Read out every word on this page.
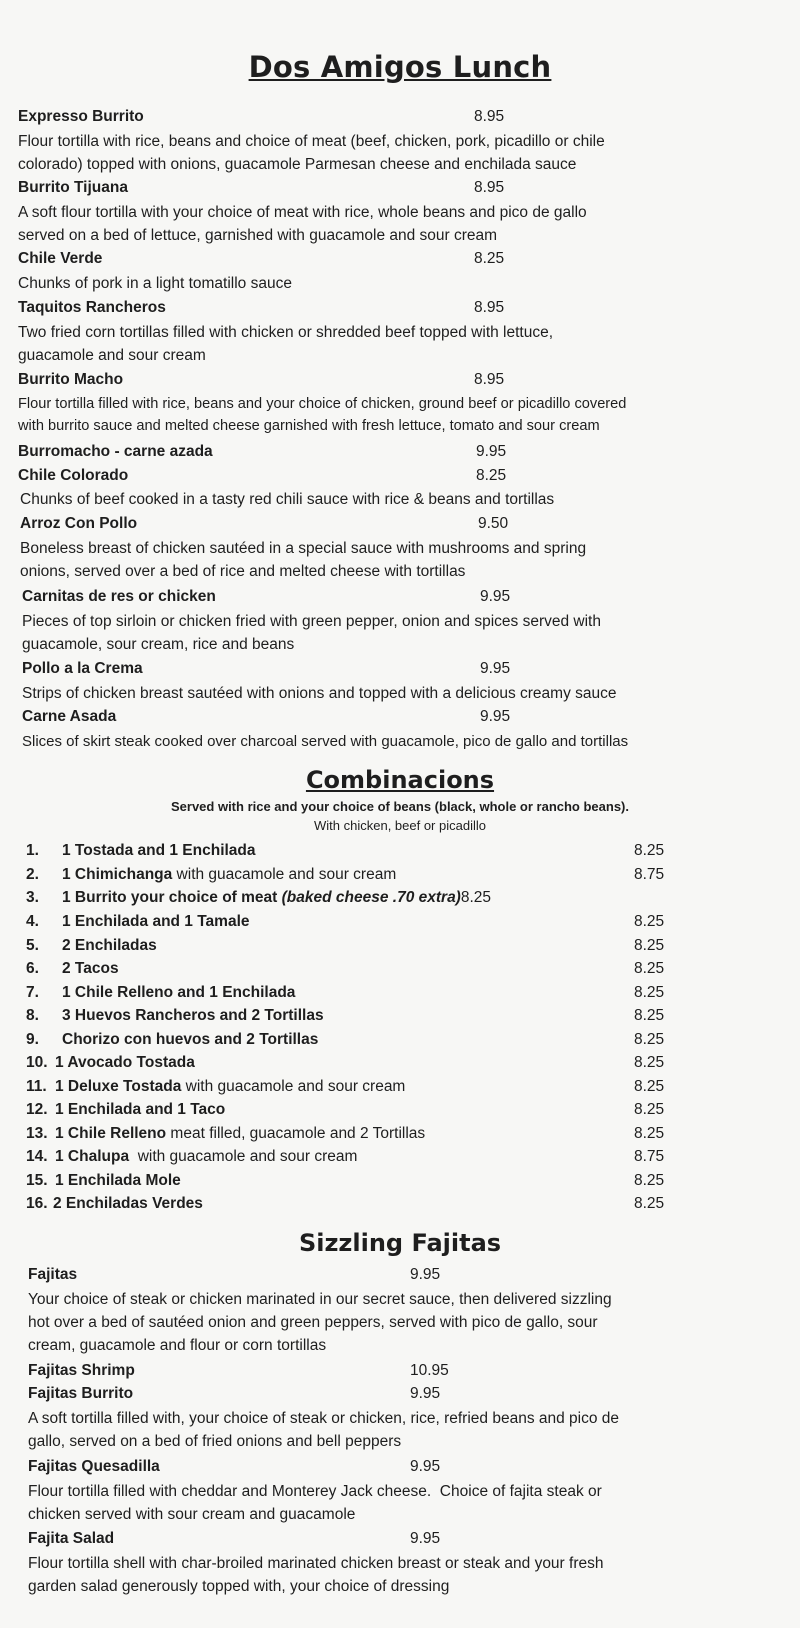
Dos Amigos Lunch
Expresso Burrito	8.95
Flour tortilla with rice, beans and choice of meat (beef, chicken, pork, picadillo or chile
colorado) topped with onions, guacamole Parmesan cheese and enchilada sauce
Burrito Tijuana	8.95
A soft flour tortilla with your choice of meat with rice, whole beans and pico de gallo
served on a bed of lettuce, garnished with guacamole and sour cream
Chile Verde	8.25
Chunks of pork in a light tomatillo sauce
Taquitos Rancheros	8.95
Two fried corn tortillas filled with chicken or shredded beef topped with lettuce,
guacamole and sour cream
Burrito Macho	8.95
Flour tortilla filled with rice, beans and your choice of chicken, ground beef or picadillo covered
with burrito sauce and melted cheese garnished with fresh lettuce, tomato and sour cream
Burromacho - carne azada	9.95
Chile Colorado	8.25
Chunks of beef cooked in a tasty red chili sauce with rice & beans and tortillas
Arroz Con Pollo	9.50
Boneless breast of chicken sautéed in a special sauce with mushrooms and spring
onions, served over a bed of rice and melted cheese with tortillas
Carnitas de res or chicken	9.95
Pieces of top sirloin or chicken fried with green pepper, onion and spices served with
guacamole, sour cream, rice and beans
Pollo a la Crema	9.95
Strips of chicken breast sautéed with onions and topped with a delicious creamy sauce
Carne Asada	9.95
Slices of skirt steak cooked over charcoal served with guacamole, pico de gallo and tortillas
Combinacions
Served with rice and your choice of beans (black, whole or rancho beans).
With chicken, beef or picadillo
1. 1 Tostada and 1 Enchilada	8.25
2. 1 Chimichanga with guacamole and sour cream	8.75
3. 1 Burrito your choice of meat (baked cheese .70 extra)8.25
4. 1 Enchilada and 1 Tamale	8.25
5. 2 Enchiladas	8.25
6. 2 Tacos	8.25
7. 1 Chile Relleno and 1 Enchilada	8.25
8. 3 Huevos Rancheros and 2 Tortillas	8.25
9. Chorizo con huevos and 2 Tortillas	8.25
10. 1 Avocado Tostada	8.25
11. 1 Deluxe Tostada with guacamole and sour cream	8.25
12. 1 Enchilada and 1 Taco	8.25
13. 1 Chile Relleno meat filled, guacamole and 2 Tortillas	8.25
14. 1 Chalupa  with guacamole and sour cream	8.75
15. 1 Enchilada Mole	8.25
16. 2 Enchiladas Verdes	8.25
Sizzling Fajitas
Fajitas	9.95
Your choice of steak or chicken marinated in our secret sauce, then delivered sizzling
hot over a bed of sautéed onion and green peppers, served with pico de gallo, sour
cream, guacamole and flour or corn tortillas
Fajitas Shrimp	10.95
Fajitas Burrito	9.95
A soft tortilla filled with, your choice of steak or chicken, rice, refried beans and pico de
gallo, served on a bed of fried onions and bell peppers
Fajitas Quesadilla	9.95
Flour tortilla filled with cheddar and Monterey Jack cheese.  Choice of fajita steak or
chicken served with sour cream and guacamole
Fajita Salad	9.95
Flour tortilla shell with char-broiled marinated chicken breast or steak and your fresh
garden salad generously topped with, your choice of dressing
